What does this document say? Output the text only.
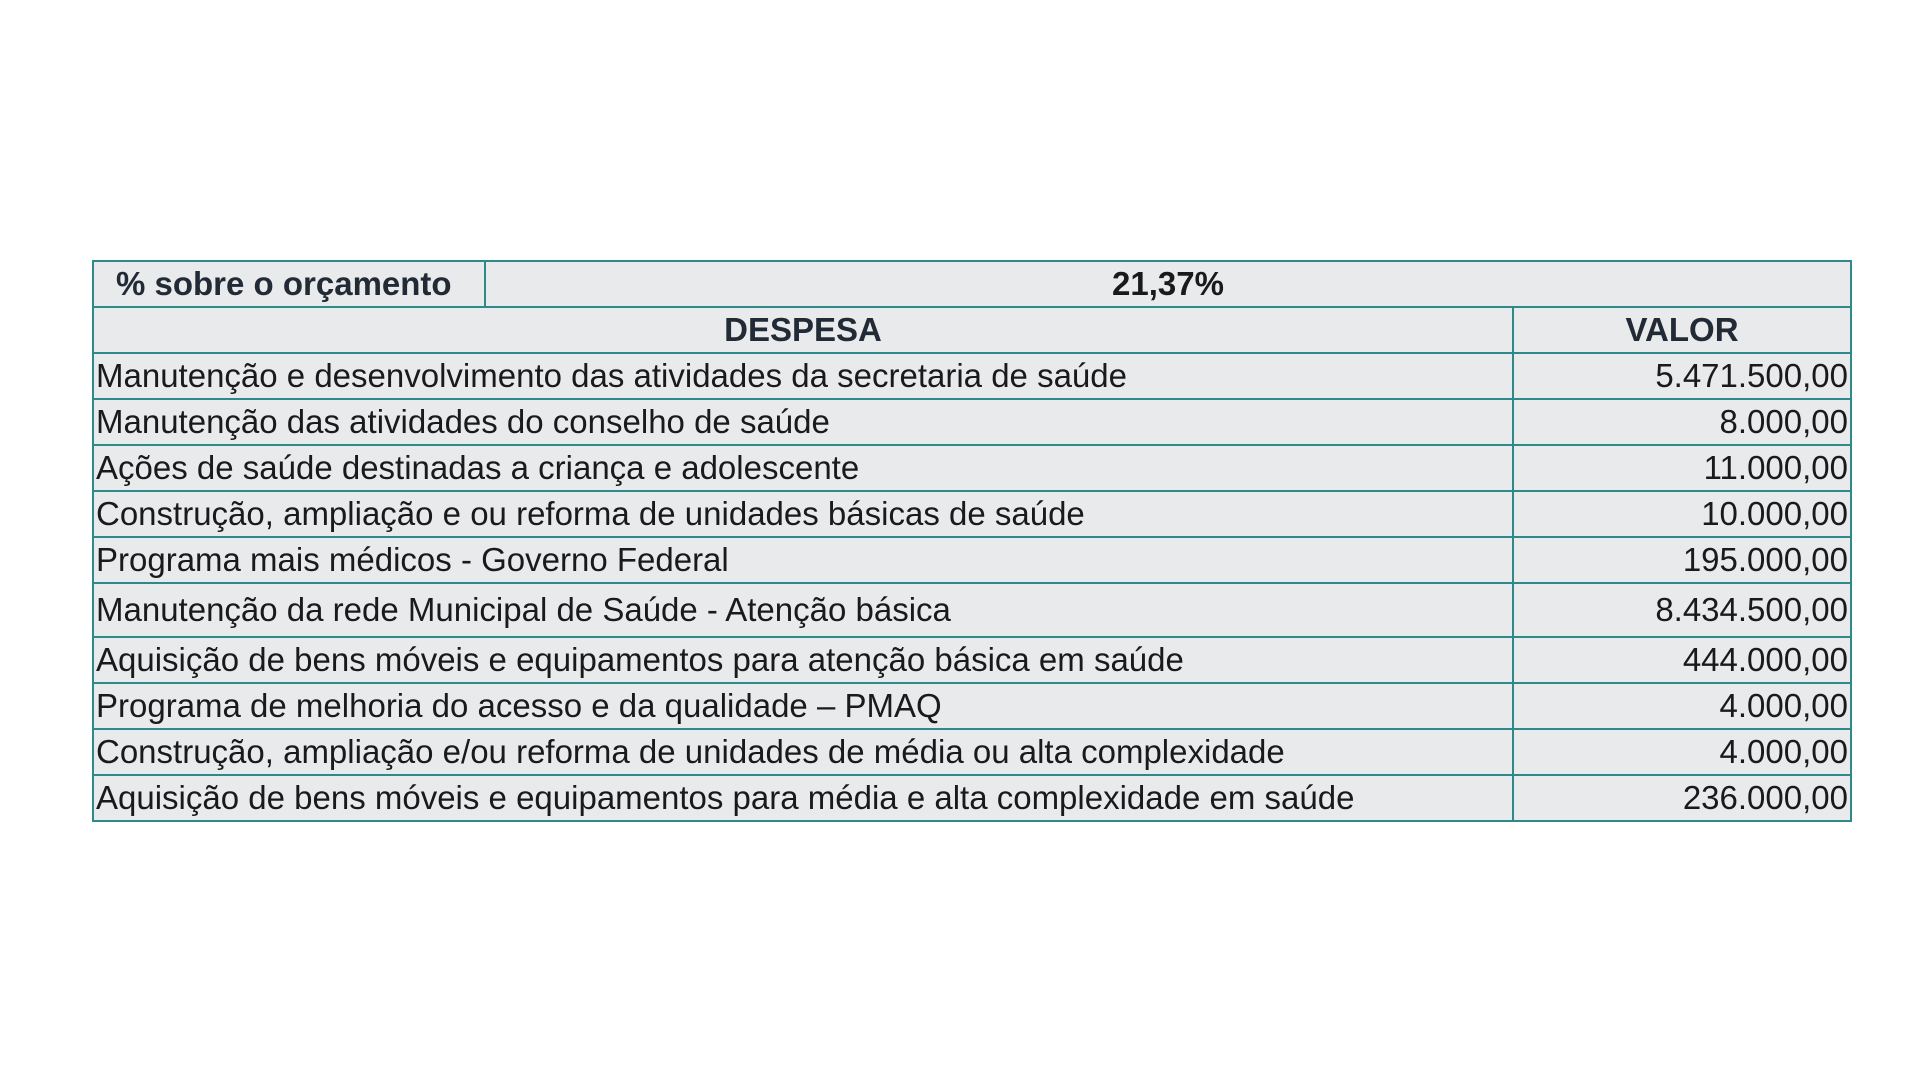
% sobre o orçamento	21,37%	
DESPESA		VALOR
Manutenção e desenvolvimento das atividades da secretaria de saúde		5.471.500,00
Manutenção das atividades do conselho de saúde		8.000,00
Ações de saúde destinadas a criança e adolescente		11.000,00
Construção, ampliação e ou reforma de unidades básicas de saúde		10.000,00
Programa mais médicos - Governo Federal		195.000,00
Manutenção da rede Municipal de Saúde - Atenção básica		8.434.500,00
Aquisição de bens móveis e equipamentos para atenção básica em saúde		444.000,00
Programa de melhoria do acesso e da qualidade – PMAQ		4.000,00
Construção, ampliação e/ou reforma de unidades de média ou alta complexidade		4.000,00
Aquisição de bens móveis e equipamentos para média e alta complexidade em saúde		236.000,00
